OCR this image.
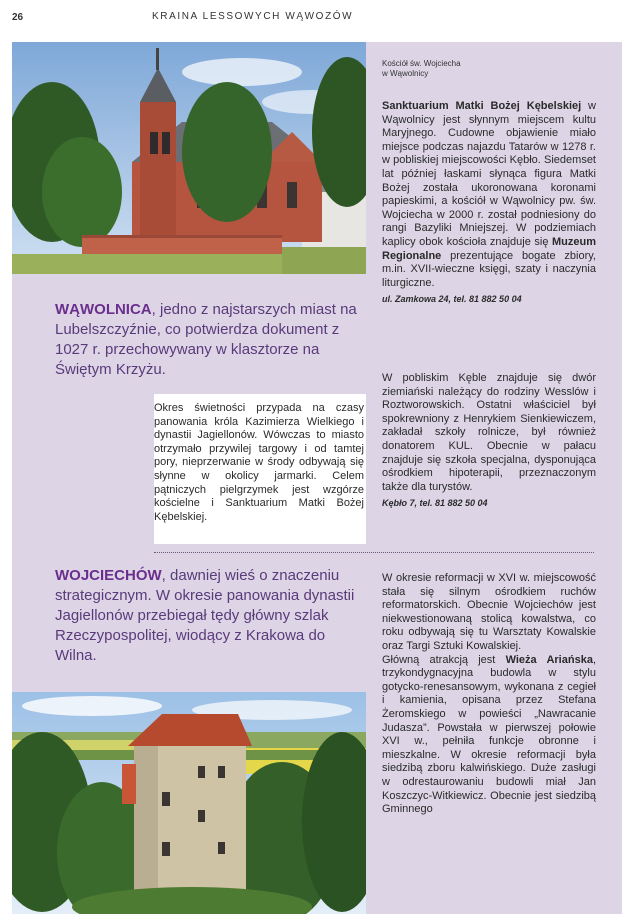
26	KRAINA LESSOWYCH WĄWOZÓW
Kościół św. Wojciecha
w Wąwolnicy
Sanktuarium Matki Bożej Kębelskiej w Wąwolnicy jest słynnym miejscem kultu Maryjnego. Cudowne objawienie miało miejsce podczas najazdu Tatarów w 1278 r. w pobliskiej miejscowości Kębło. Siedemset lat później łaskami słynąca figura Matki Bożej została ukoronowana koronami papieskimi, a kościół w Wąwolnicy pw. św. Wojciecha w 2000 r. został podniesiony do rangi Bazyliki Mniejszej. W podziemiach kaplicy obok kościoła znajduje się Muzeum Regionalne prezentujące bogate zbiory, m.in. XVII-wieczne księgi, szaty i naczynia liturgiczne.
ul. Zamkowa 24, tel. 81 882 50 04
W pobliskim Kęble znajduje się dwór ziemiański należący do rodziny Wesslów i Roztworowskich. Ostatni właściciel był spokrewniony z Henrykiem Sienkiewiczem, zakładał szkoły rolnicze, był również donatorem KUL. Obecnie w pałacu znajduje się szkoła specjalna, dysponująca ośrodkiem hipoterapii, przeznaczonym także dla turystów.
Kębło 7, tel. 81 882 50 04
WĄWOLNICA, jedno z najstarszych miast na Lubelszczyźnie, co potwierdza dokument z 1027 r. przechowywany w klasztorze na Świętym Krzyżu.
Okres świetności przypada na czasy panowania króla Kazimierza Wielkiego i dynastii Jagiellonów. Wówczas to miasto otrzymało przywilej targowy i od tamtej pory, nieprzerwanie w środy odbywają się słynne w okolicy jarmarki. Celem pątniczych pielgrzymek jest wzgórze kościelne i Sanktuarium Matki Bożej Kębelskiej.
WOJCIECHÓW, dawniej wieś o znaczeniu strategicznym. W okresie panowania dynastii Jagiellonów przebiegał tędy główny szlak Rzeczypospolitej, wiodący z Krakowa do Wilna.
W okresie reformacji w XVI w. miejscowość stała się silnym ośrodkiem ruchów reformatorskich. Obecnie Wojciechów jest niekwestionowaną stolicą kowalstwa, co roku odbywają się tu Warsztaty Kowalskie oraz Targi Sztuki Kowalskiej.
Główną atrakcją jest Wieża Ariańska, trzykondygnacyjna budowla w stylu gotycko-renesansowym, wykonana z cegieł i kamienia, opisana przez Stefana Żeromskiego w powieści „Nawracanie Judasza”. Powstała w pierwszej połowie XVI w., pełniła funkcje obronne i mieszkalne. W okresie reformacji była siedzibą zboru kalwińskiego. Duże zasługi w odrestaurowaniu budowli miał Jan Koszczyc-Witkiewicz. Obecnie jest siedzibą Gminnego
